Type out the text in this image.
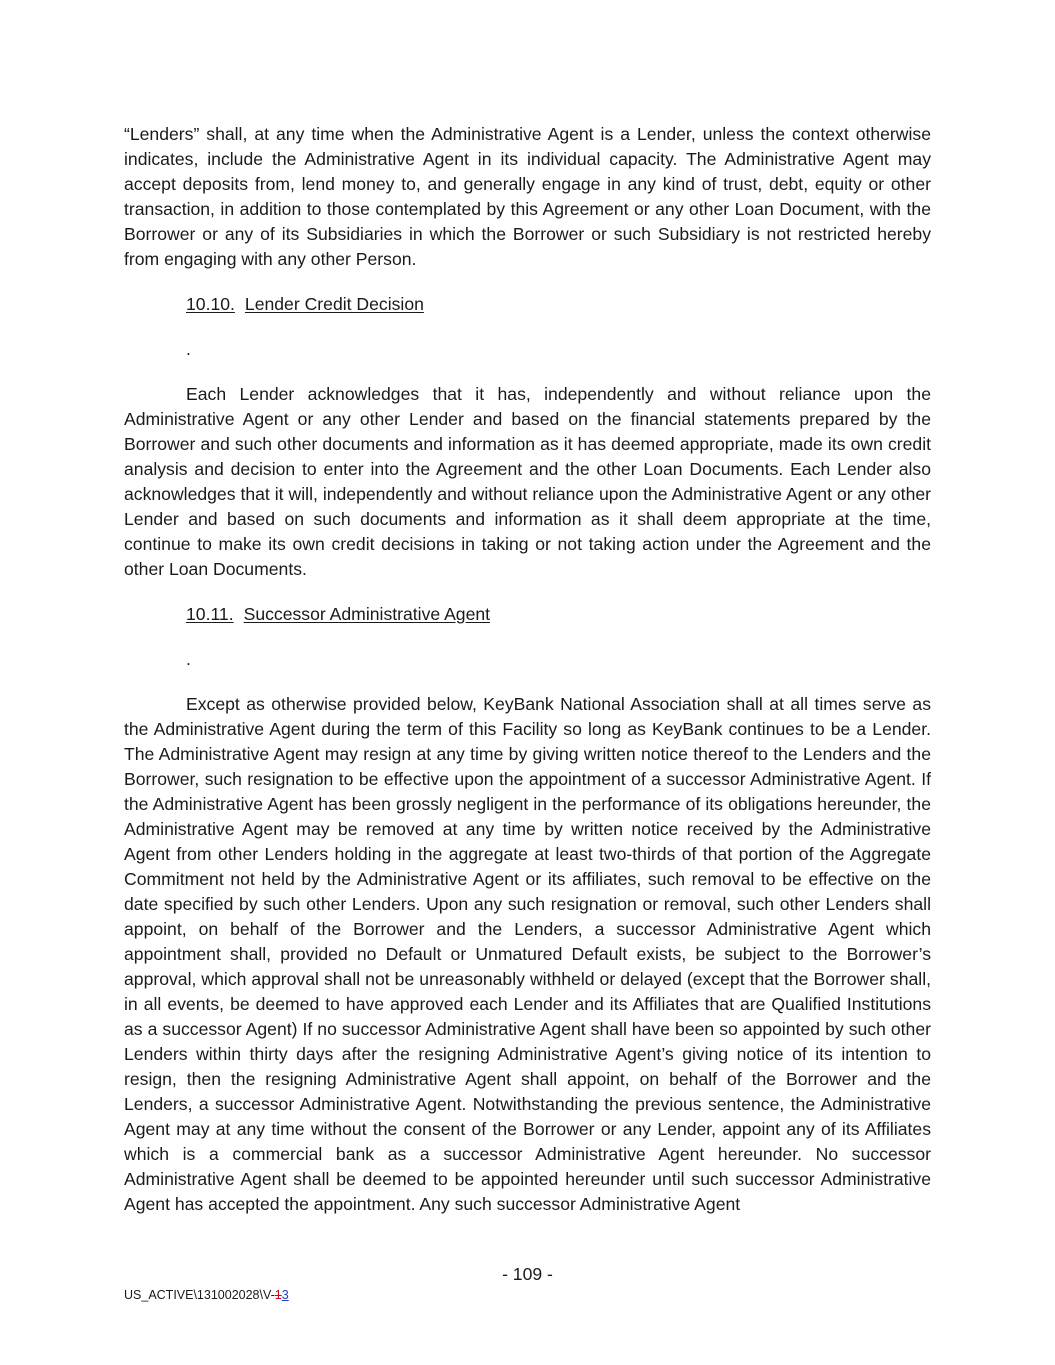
“Lenders” shall, at any time when the Administrative Agent is a Lender, unless the context otherwise indicates, include the Administrative Agent in its individual capacity. The Administrative Agent may accept deposits from, lend money to, and generally engage in any kind of trust, debt, equity or other transaction, in addition to those contemplated by this Agreement or any other Loan Document, with the Borrower or any of its Subsidiaries in which the Borrower or such Subsidiary is not restricted hereby from engaging with any other Person.

10.10. Lender Credit Decision

.

Each Lender acknowledges that it has, independently and without reliance upon the Administrative Agent or any other Lender and based on the financial statements prepared by the Borrower and such other documents and information as it has deemed appropriate, made its own credit analysis and decision to enter into the Agreement and the other Loan Documents. Each Lender also acknowledges that it will, independently and without reliance upon the Administrative Agent or any other Lender and based on such documents and information as it shall deem appropriate at the time, continue to make its own credit decisions in taking or not taking action under the Agreement and the other Loan Documents.

10.11. Successor Administrative Agent

.

Except as otherwise provided below, KeyBank National Association shall at all times serve as the Administrative Agent during the term of this Facility so long as KeyBank continues to be a Lender. The Administrative Agent may resign at any time by giving written notice thereof to the Lenders and the Borrower, such resignation to be effective upon the appointment of a successor Administrative Agent. If the Administrative Agent has been grossly negligent in the performance of its obligations hereunder, the Administrative Agent may be removed at any time by written notice received by the Administrative Agent from other Lenders holding in the aggregate at least two-thirds of that portion of the Aggregate Commitment not held by the Administrative Agent or its affiliates, such removal to be effective on the date specified by such other Lenders. Upon any such resignation or removal, such other Lenders shall appoint, on behalf of the Borrower and the Lenders, a successor Administrative Agent which appointment shall, provided no Default or Unmatured Default exists, be subject to the Borrower’s approval, which approval shall not be unreasonably withheld or delayed (except that the Borrower shall, in all events, be deemed to have approved each Lender and its Affiliates that are Qualified Institutions as a successor Agent) If no successor Administrative Agent shall have been so appointed by such other Lenders within thirty days after the resigning Administrative Agent’s giving notice of its intention to resign, then the resigning Administrative Agent shall appoint, on behalf of the Borrower and the Lenders, a successor Administrative Agent. Notwithstanding the previous sentence, the Administrative Agent may at any time without the consent of the Borrower or any Lender, appoint any of its Affiliates which is a commercial bank as a successor Administrative Agent hereunder. No successor Administrative Agent shall be deemed to be appointed hereunder until such successor Administrative Agent has accepted the appointment. Any such successor Administrative Agent

- 109 -
US_ACTIVE\131002028\V-13
